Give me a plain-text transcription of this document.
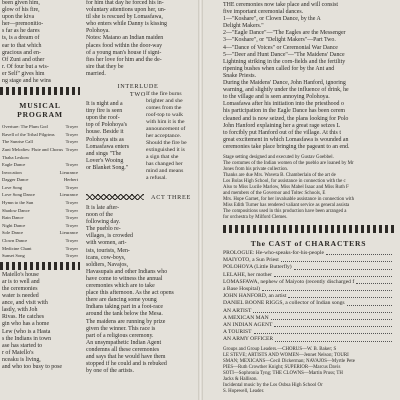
been given him,

glow of his fire,

upon the kiva

her—premonitio-

s far as he dares

ts, is a dream of

ear to that which

gracious and en-

Of Zuni and other

r. Of four but a wis-

er Self" gives him

ng stage and he wins

MUSICAL PROGRAM
Overture: The Plum God	Troyer
Ravell of the Tribal Pilgrims Troyer
The Sunrise Call	Troyer
Zuni Melodies: Flute and Chorus Troyer
Thaha Leskow
Eagle Dance	Troyer
Invocation	Lieurance
Dagger Dance	Herbert
Love Song	Troyer
Love Song Dance	Lieurance
Hymn to the Sun	Troyer
Shadow Dance	Troyer
Rain Dance	Troyer
Night Dance	Troyer
Sole Dance	Lieurance
Clown Dance	Troyer
Medicine Chant	Troyer
Sunset Song	Troyer

Maiello's house

ar is to well and

the ceremonies

water is needed

ance, and visit with

lastly, with Joh

Rivas. He catches

gin who has a home

Lew (who is a Hasta

s the Indians in town

ase has started to

r of Maiello's

nceaku is living,

and who too busy to pose

for him that day he forced his in-

voluntary attentions upon her, un-

til she is rescued by Lomasfawa,

who enters while Danny is kissing

Polohoya.

Notes: Maiano an Indian maiden

places food within the door-way

of a young man's house if signi-

fies her love for him and the de-

sire that they be

married.

INTERLUDE
TWO

It is night and a

tiny fire is seen

upon the roof-

top of Polohoya's

house. Beside it

Polohoya sits as

Lomasfawa enters

and sings "The

Lover's Wooing

or Blanket Song."

If the fire burns

brighter and she

comes from the

roof-top to walk

with him it is the

announcement of

her acceptance.

Should the fire be

extinguished it is

a sign that she

has changed her

mind and means

a refusal.

ACT THREE

It is late after-

noon of the

following day.

The pueblo re-

villages, is crowded

with women, art-

ists, tourists, Men-

icans, cow-boys,

soldiers, Navajos,

Havasupais and other Indians who

have come to witness the annual

ceremonies which are to take

place this afternoon. As the act opens

there are dancing some young

Indians taking part in a foot-race

around the tank below the Mesa.

The maidens are running by prize

given the winner. This race is

part of a religious ceremony.

An unsympathetic Indian Agent

condemns all these ceremonies

and says that he would have them

stopped if he could and is rebuked

by one of the artists.

THE ceremonies now take place and will consist

five important ceremonial dances.

1—"Koshare", or Clown Dance, by the A

Delight Makers."

2—"Eagle Dance"—"The Eagles are the Messenger

3—"Koshare", or "Delight Makers"—Part Two.

4—"Dance of Voices" or Ceremonial War Dance

5—"Deer and Hunt Dance"—"The Maidens' Dance

Lightning striking in the corn-fields and the fertility

ripening bushes when called for by the Ant and

Snake Priests.

During the Maidens' Dance, John Hanford, ignoring

warning, and slightly under the influence of drink, he

to the village and is seen annoying Polohoya.

Lomasfawa after his initiation into the priesthood o

his participation in the Eagle Dance has been cerem

cleaned and is now seized, the plans looking for Polo

John Hanford explaining her a great rage seizes L

to forcibly put Hanford out of the village. At this t

great excitement in which Lomasfawa is wounded an

ceremonies take place bringing the pageant to an end.

Stage setting designed and executed by Gustav Goebbel.

The costumes of the Indian women of the pueblo are loaned by Mr

Jones from his private collection.

Thanks are due Mrs. Waveta B. Chamberlain of the art de

Los Bolas High School, for assistance in connection with the c

Also to Miss Lucile Marlow, Miss Mabel Isaac and Miss Ruth F

and members of the Governor and Toltec Schools, E

Mrs. Hope Garnet, for her invaluable assistance in connection with

Miss Edith Turner has rendered valiant service as general assista

The compositions used in this production have been arranged a

for orchestra by Milford Clemes.

The CAST of CHARACTERS
PROLOGUE: He-who-speaks-for-his-people
MAIYOTO, a Sun Priest
POLOHOYA (Little Butterfly)
LELAHE, her mother
LOMASFAWA, nephew of Maiyoto (recently discharged f
a Base Hospital)
JOHN HANFORD, an artist
DANIEL BOONE RIGGS, a collector of Indian songs
AN ARTIST
A MEXICAN MAN
AN INDIAN AGENT
A TOURIST
AN ARMY OFFICER

Groups and Group Leaders.—CHORUS—W. B. Baker; S

LE STEVE; ARTISTS AND WOMEN—Jennet Nelson; TOURI

SMAN; MEXICANS—Cecil Dickerman; NAVAJOS—Myrtle Pete

PIES—Ruth Crowther Knight; SUPERIOR—Marcus Davis

SOTI—Sophronia Tyng; THE CLOWNS—Martin Pruss; TH

Jacks & Hallison.

Incidental music by the Los Osbsa High School Or

S. Hopewell, Leader.
